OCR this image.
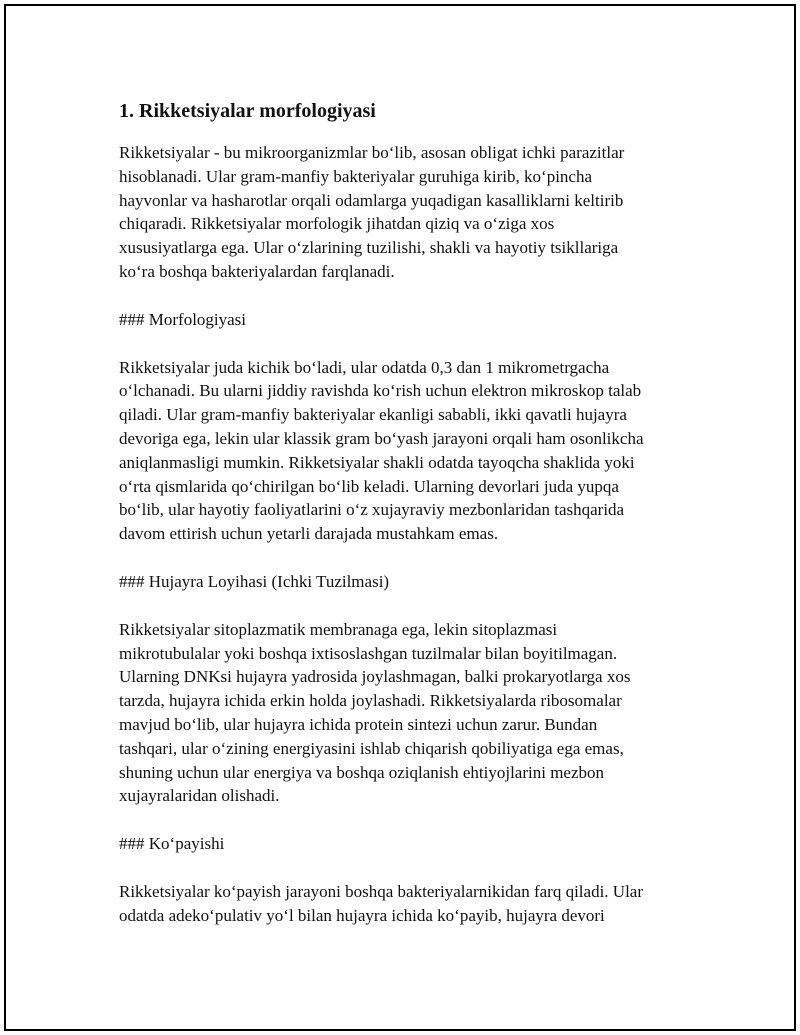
1. Rikketsiyalar morfologiyasi

Rikketsiyalar - bu mikroorganizmlar bo‘lib, asosan obligat ichki parazitlar
hisoblanadi. Ular gram-manfiy bakteriyalar guruhiga kirib, ko‘pincha
hayvonlar va hasharotlar orqali odamlarga yuqadigan kasalliklarni keltirib
chiqaradi. Rikketsiyalar morfologik jihatdan qiziq va o‘ziga xos
xususiyatlarga ega. Ular o‘zlarining tuzilishi, shakli va hayotiy tsikllariga
ko‘ra boshqa bakteriyalardan farqlanadi.

### Morfologiyasi

Rikketsiyalar juda kichik bo‘ladi, ular odatda 0,3 dan 1 mikrometrgacha
o‘lchanadi. Bu ularni jiddiy ravishda ko‘rish uchun elektron mikroskop talab
qiladi. Ular gram-manfiy bakteriyalar ekanligi sababli, ikki qavatli hujayra
devoriga ega, lekin ular klassik gram bo‘yash jarayoni orqali ham osonlikcha
aniqlanmasligi mumkin. Rikketsiyalar shakli odatda tayoqcha shaklida yoki
o‘rta qismlarida qo‘chirilgan bo‘lib keladi. Ularning devorlari juda yupqa
bo‘lib, ular hayotiy faoliyatlarini o‘z xujayraviy mezbonlaridan tashqarida
davom ettirish uchun yetarli darajada mustahkam emas.

### Hujayra Loyihasi (Ichki Tuzilmasi)

Rikketsiyalar sitoplazmatik membranaga ega, lekin sitoplazmasi
mikrotubulalar yoki boshqa ixtisoslashgan tuzilmalar bilan boyitilmagan.
Ularning DNKsi hujayra yadrosida joylashmagan, balki prokaryotlarga xos
tarzda, hujayra ichida erkin holda joylashadi. Rikketsiyalarda ribosomalar
mavjud bo‘lib, ular hujayra ichida protein sintezi uchun zarur. Bundan
tashqari, ular o‘zining energiyasini ishlab chiqarish qobiliyatiga ega emas,
shuning uchun ular energiya va boshqa oziqlanish ehtiyojlarini mezbon
xujayralaridan olishadi.

### Ko‘payishi

Rikketsiyalar ko‘payish jarayoni boshqa bakteriyalarnikidan farq qiladi. Ular
odatda adeko‘pulativ yo‘l bilan hujayra ichida ko‘payib, hujayra devori
